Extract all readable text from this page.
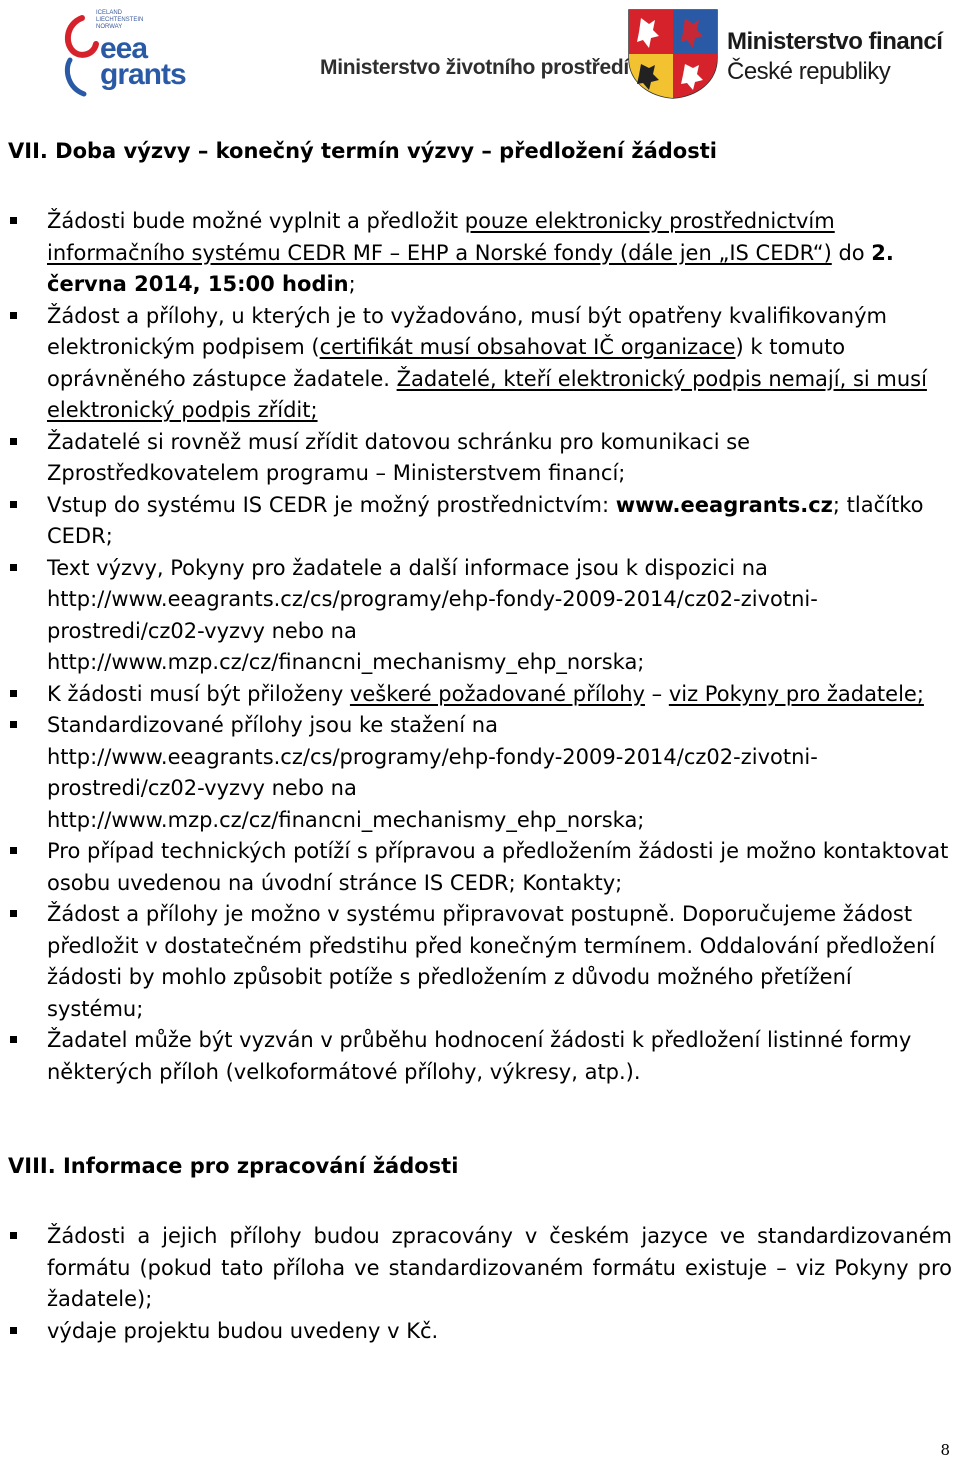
ICELAND LIECHTENSTEIN NORWAY
eea
grants	Ministerstvo životního prostředí
Ministerstvo financí
České republiky
VII. Doba výzvy – konečný termín výzvy – předložení žádosti
Žádosti bude možné vyplnit a předložit pouze elektronicky prostřednictvím informačního systému CEDR MF – EHP a Norské fondy (dále jen „IS CEDR“) do 2. června 2014, 15:00 hodin;
Žádost a přílohy, u kterých je to vyžadováno, musí být opatřeny kvalifikovaným elektronickým podpisem (certifikát musí obsahovat IČ organizace) k tomuto oprávněného zástupce žadatele. Žadatelé, kteří elektronický podpis nemají, si musí elektronický podpis zřídit;
Žadatelé si rovněž musí zřídit datovou schránku pro komunikaci se Zprostředkovatelem programu – Ministerstvem financí;
Vstup do systému IS CEDR je možný prostřednictvím: www.eeagrants.cz; tlačítko CEDR;
Text výzvy, Pokyny pro žadatele a další informace jsou k dispozici na http://www.eeagrants.cz/cs/programy/ehp-fondy-2009-2014/cz02-zivotni-prostredi/cz02-vyzvy nebo na http://www.mzp.cz/cz/financni_mechanismy_ehp_norska;
K žádosti musí být přiloženy veškeré požadované přílohy – viz Pokyny pro žadatele;
Standardizované přílohy jsou ke stažení na http://www.eeagrants.cz/cs/programy/ehp-fondy-2009-2014/cz02-zivotni-prostredi/cz02-vyzvy nebo na http://www.mzp.cz/cz/financni_mechanismy_ehp_norska;
Pro případ technických potíží s přípravou a předložením žádosti je možno kontaktovat osobu uvedenou na úvodní stránce IS CEDR; Kontakty;
Žádost a přílohy je možno v systému připravovat postupně. Doporučujeme žádost předložit v dostatečném předstihu před konečným termínem. Oddalování předložení žádosti by mohlo způsobit potíže s předložením z důvodu možného přetížení systému;
Žadatel může být vyzván v průběhu hodnocení žádosti k předložení listinné formy některých příloh (velkoformátové přílohy, výkresy, atp.).
VIII. Informace pro zpracování žádosti
Žádosti a jejich přílohy budou zpracovány v českém jazyce ve standardizovaném formátu (pokud tato příloha ve standardizovaném formátu existuje – viz Pokyny pro žadatele);
výdaje projektu budou uvedeny v Kč.
8
